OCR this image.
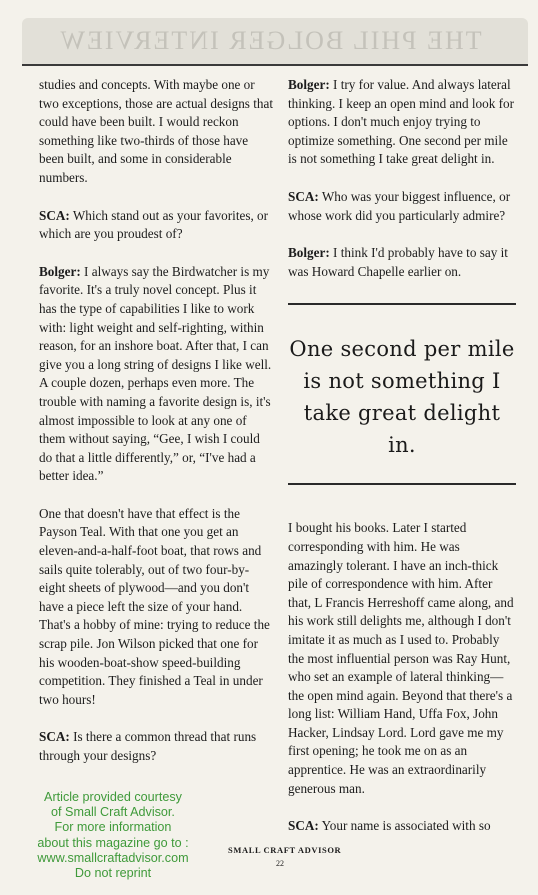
THE PHIL BOLGER INTERVIEW

studies and concepts. With maybe one or two exceptions, those are actual designs that could have been built. I would reckon something like two-thirds of those have been built, and some in considerable numbers.

SCA: Which stand out as your favorites, or which are you proudest of?

Bolger: I always say the Birdwatcher is my favorite. It's a truly novel concept. Plus it has the type of capabilities I like to work with: light weight and self-righting, within reason, for an inshore boat. After that, I can give you a long string of designs I like well. A couple dozen, perhaps even more. The trouble with naming a favorite design is, it's almost impossible to look at any one of them without saying, “Gee, I wish I could do that a little differently,” or, “I've had a better idea.”

One that doesn't have that effect is the Payson Teal. With that one you get an eleven-and-a-half-foot boat, that rows and sails quite tolerably, out of two four-by-eight sheets of plywood—and you don't have a piece left the size of your hand. That's a hobby of mine: trying to reduce the scrap pile. Jon Wilson picked that one for his wooden-boat-show speed-building competition. They finished a Teal in under two hours!

SCA: Is there a common thread that runs through your designs?

Bolger: I try for value. And always lateral thinking. I keep an open mind and look for options. I don't much enjoy trying to optimize something. One second per mile is not something I take great delight in.

SCA: Who was your biggest influence, or whose work did you particularly admire?

Bolger: I think I'd probably have to say it was Howard Chapelle earlier on.

One second per mile is not something I take great delight in.

I bought his books. Later I started corresponding with him. He was amazingly tolerant. I have an inch-thick pile of correspondence with him. After that, L Francis Herreshoff came along, and his work still delights me, although I don't imitate it as much as I used to. Probably the most influential person was Ray Hunt, who set an example of lateral thinking—the open mind again. Beyond that there's a long list: William Hand, Uffa Fox, John Hacker, Lindsay Lord. Lord gave me my first opening; he took me on as an apprentice. He was an extraordinarily generous man.

SCA: Your name is associated with so

SMALL CRAFT ADVISOR
22
Article provided courtesy
of Small Craft Advisor.
For more information
about this magazine go to :
www.smallcraftadvisor.com
Do not reprint
